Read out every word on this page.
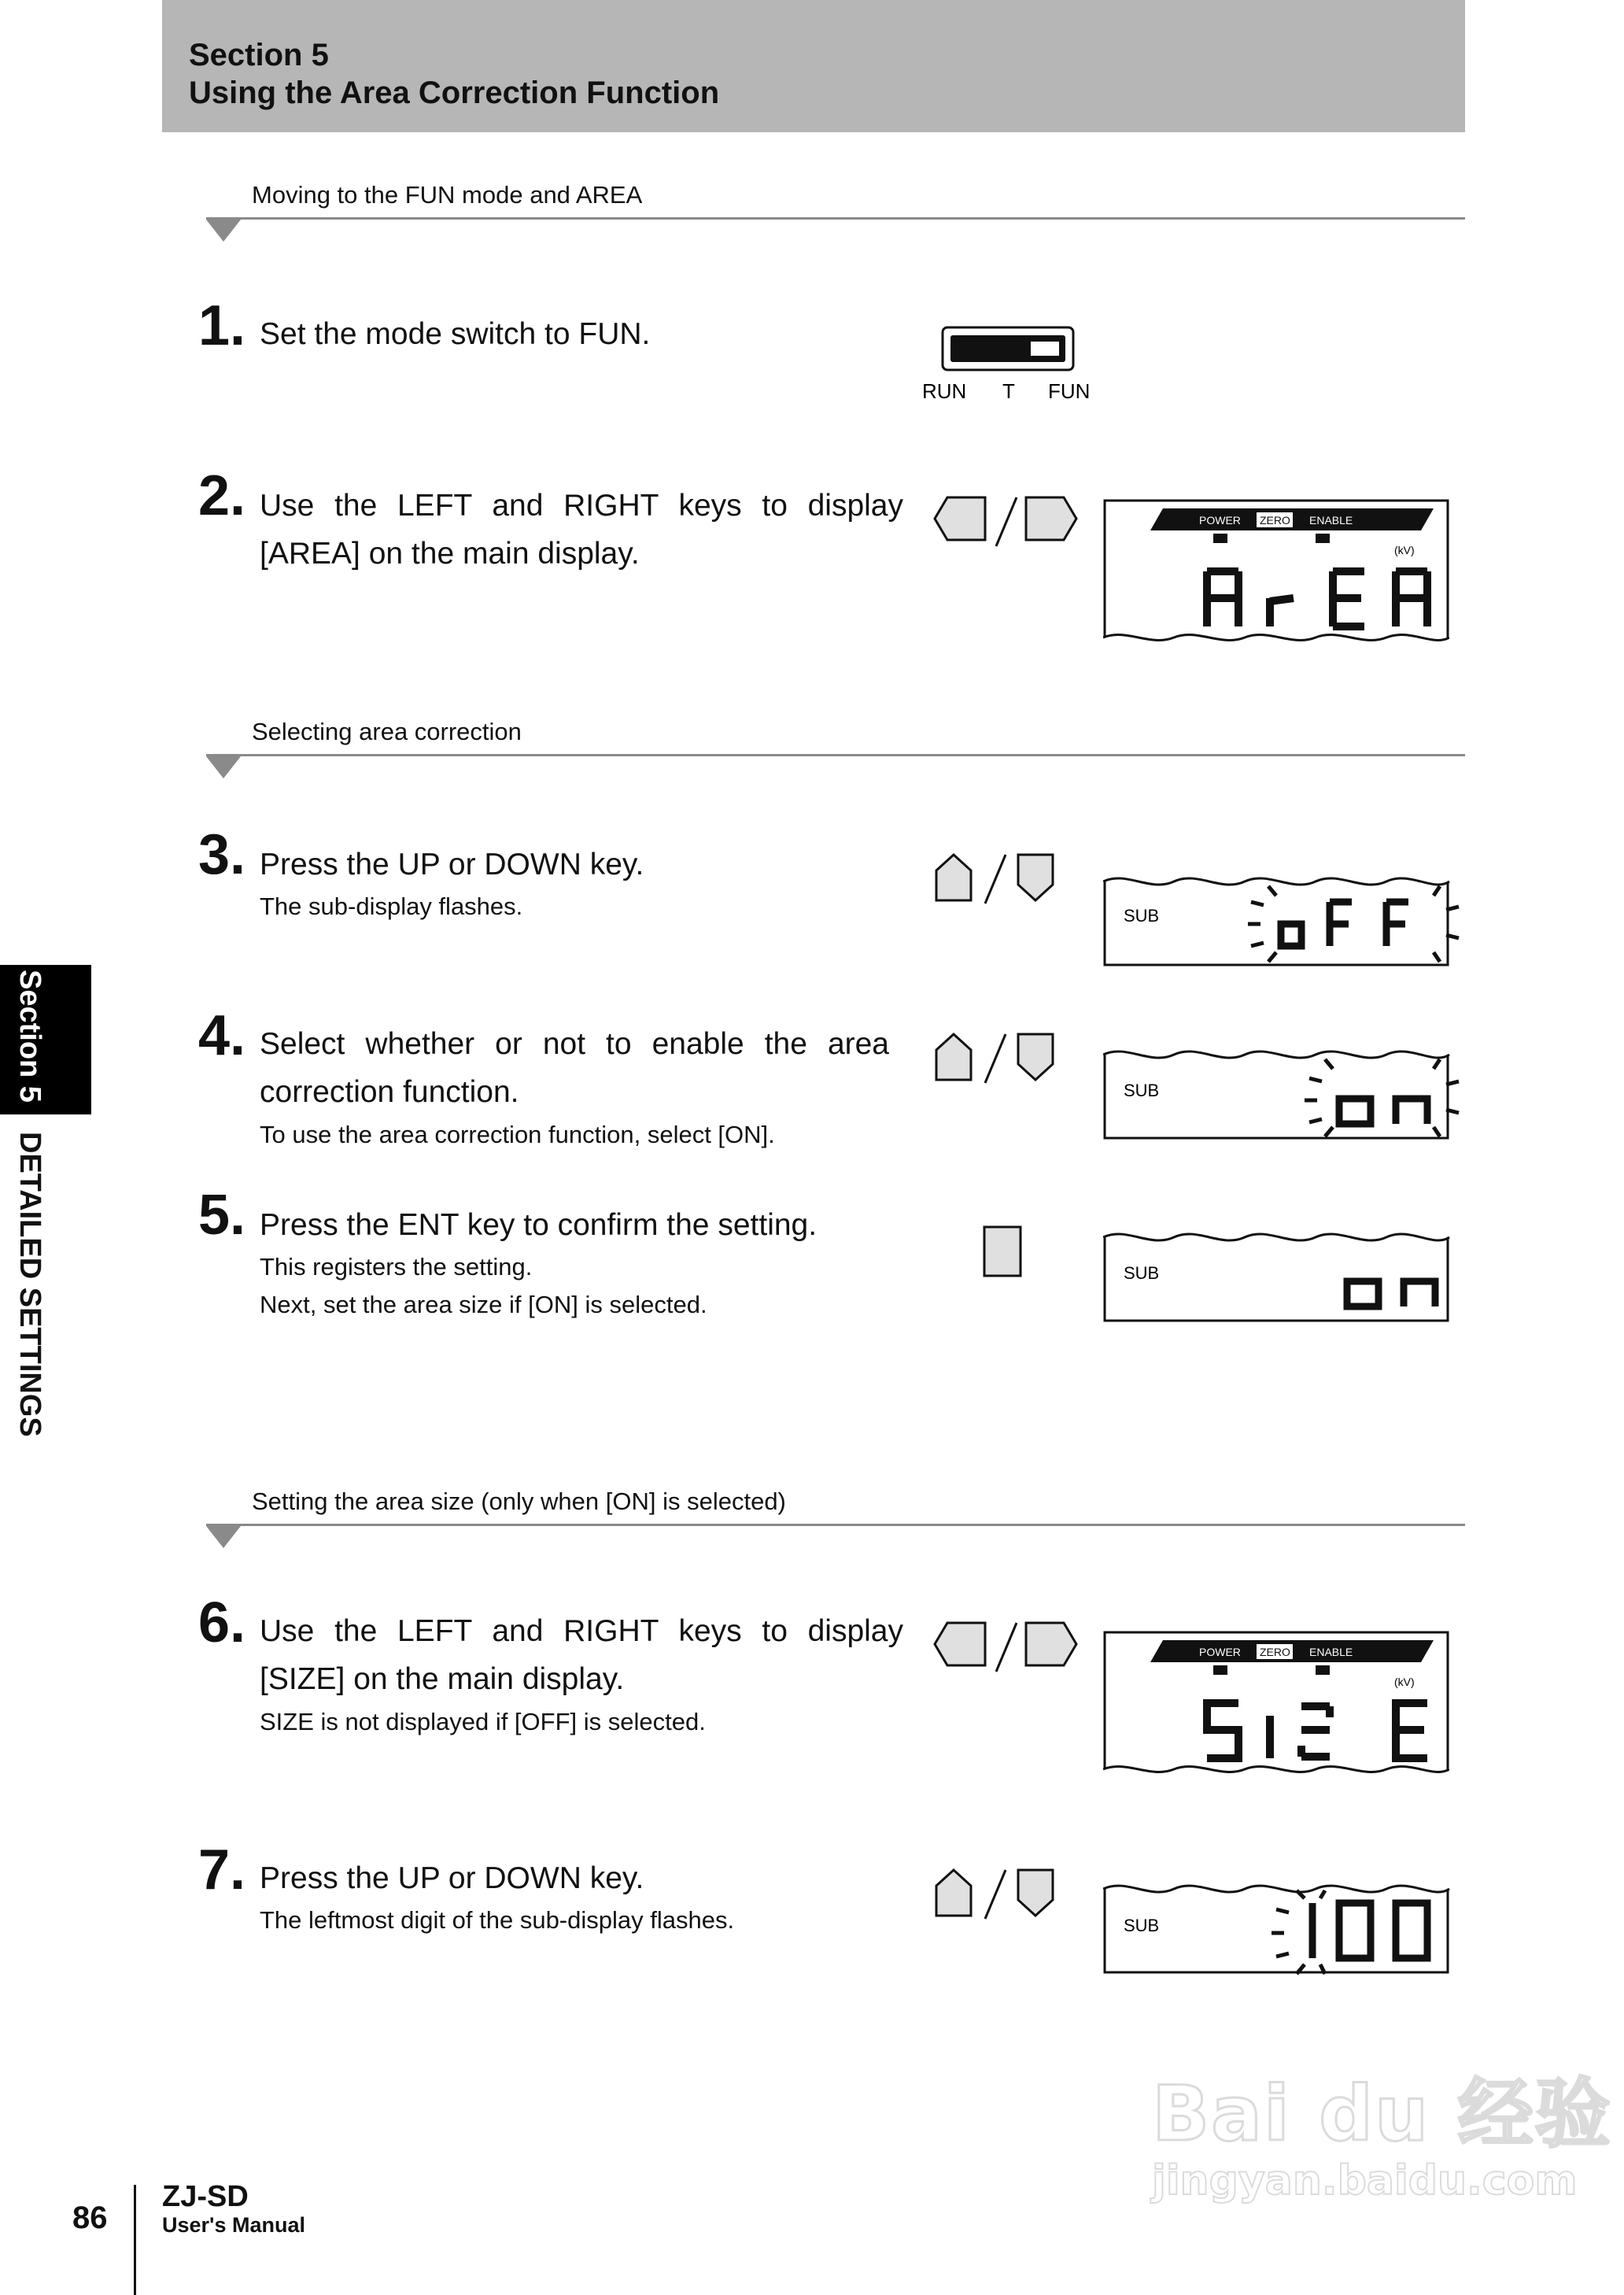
Section 5
Using the Area Correction Function
Moving to the FUN mode and AREA
1. Set the mode switch to FUN.
RUN T FUN
2. Use the LEFT and RIGHT keys to display [AREA] on the main display.
POWER ZERO ENABLE
(kV)
Selecting area correction
3. Press the UP or DOWN key.
The sub-display flashes.	SUB
4. Select whether or not to enable the area correction function.
To use the area correction function, select [ON].
SUB
5. Press the ENT key to confirm the setting.
This registers the setting.
Next, set the area size if [ON] is selected.
SUB
Setting the area size (only when [ON] is selected)
6. Use the LEFT and RIGHT keys to display [SIZE] on the main display.
SIZE is not displayed if [OFF] is selected.
POWER ZERO ENABLE
(kV)
7. Press the UP or DOWN key.
The leftmost digit of the sub-display flashes.	SUB
Section 5DETAILED SETTINGS
86
ZJ-SD
User's Manual
Bai du 经验
jingyan.baidu.com
